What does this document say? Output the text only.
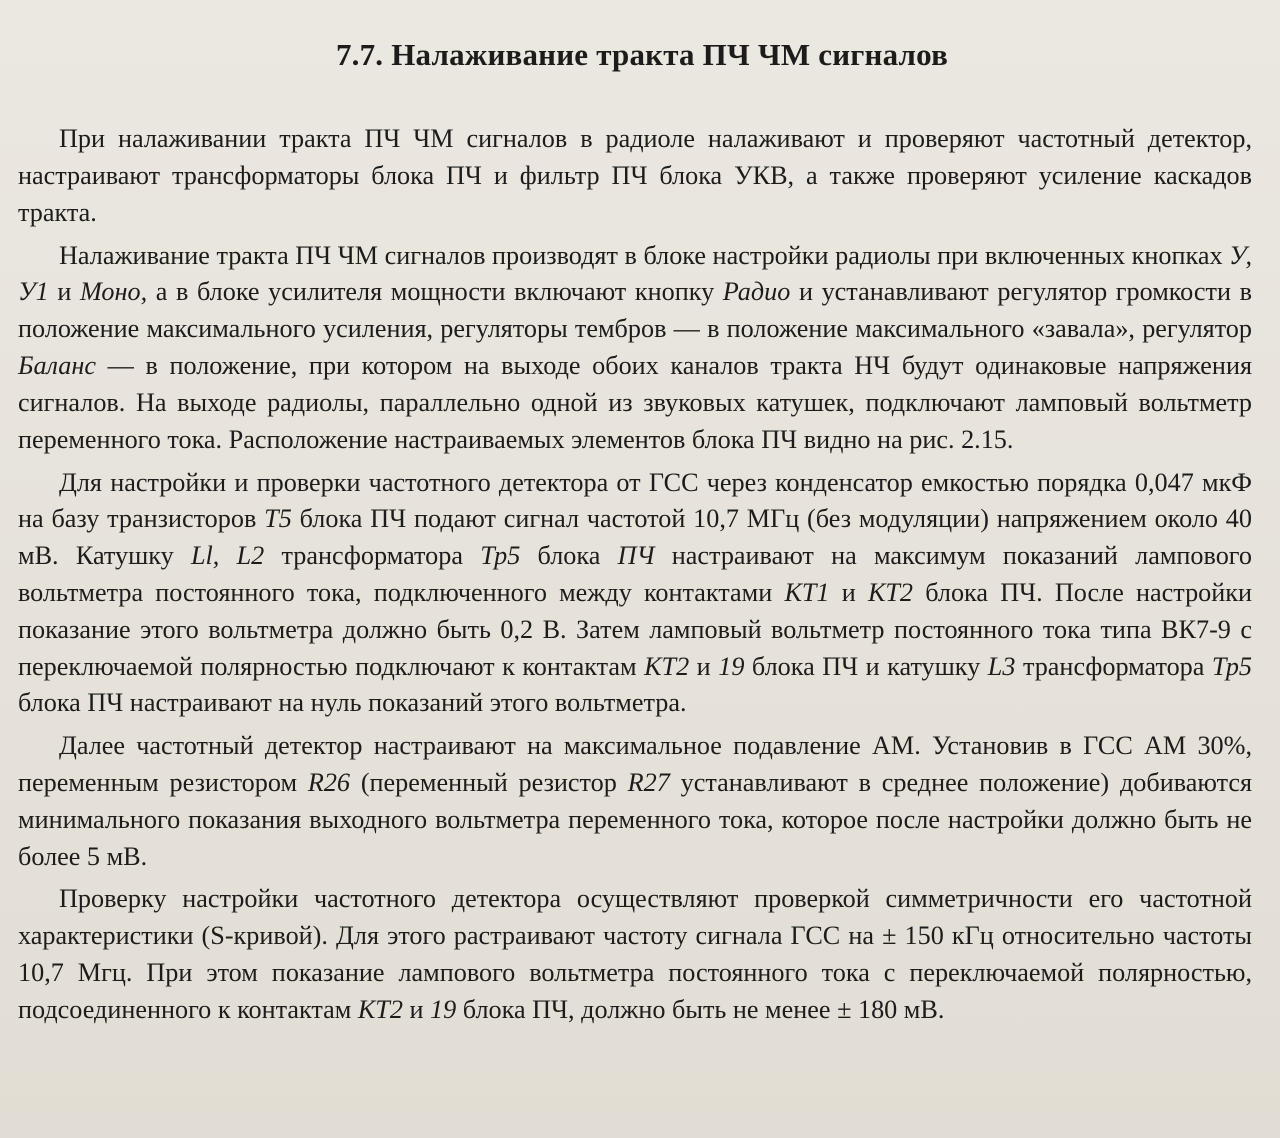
7.7. Налаживание тракта ПЧ ЧМ сигналов

При налаживании тракта ПЧ ЧМ сигналов в радиоле налаживают и проверяют частотный детектор, настраивают трансформаторы блока ПЧ и фильтр ПЧ блока УКВ, а также проверяют усиление каскадов тракта.

Налаживание тракта ПЧ ЧМ сигналов производят в блоке настройки радиолы при включенных кнопках У, У1 и Моно, а в блоке усилителя мощности включают кнопку Радио и устанавливают регулятор громкости в положение максимального усиления, регуляторы тембров — в положение максимального «завала», регулятор Баланс — в положение, при котором на выходе обоих каналов тракта НЧ будут одинаковые напряжения сигналов. На выходе радиолы, параллельно одной из звуковых катушек, подключают ламповый вольтметр переменного тока. Расположение настраиваемых элементов блока ПЧ видно на рис. 2.15.

Для настройки и проверки частотного детектора от ГСС через конденсатор емкостью порядка 0,047 мкФ на базу транзисторов Т5 блока ПЧ подают сигнал частотой 10,7 МГц (без модуляции) напряжением около 40 мВ. Катушку Ll, L2 трансформатора Тр5 блока ПЧ настраивают на максимум показаний лампового вольтметра постоянного тока, подключенного между контактами КТ1 и КТ2 блока ПЧ. После настройки показание этого вольтметра должно быть 0,2 В. Затем ламповый вольтметр постоянного тока типа ВК7-9 с переключаемой полярностью подключают к контактам КТ2 и 19 блока ПЧ и катушку L3 трансформатора Тр5 блока ПЧ настраивают на нуль показаний этого вольтметра.

Далее частотный детектор настраивают на максимальное подавление АМ. Установив в ГСС АМ 30%, переменным резистором R26 (переменный резистор R27 устанавливают в среднее положение) добиваются минимального показания выходного вольтметра переменного тока, которое после настройки должно быть не более 5 мВ.

Проверку настройки частотного детектора осуществляют проверкой симметричности его частотной характеристики (S-кривой). Для этого растраивают частоту сигнала ГСС на ± 150 кГц относительно частоты 10,7 Мгц. При этом показание лампового вольтметра постоянного тока с переключаемой полярностью, подсоединенного к контактам КТ2 и 19 блока ПЧ, должно быть не менее ± 180 мВ.
